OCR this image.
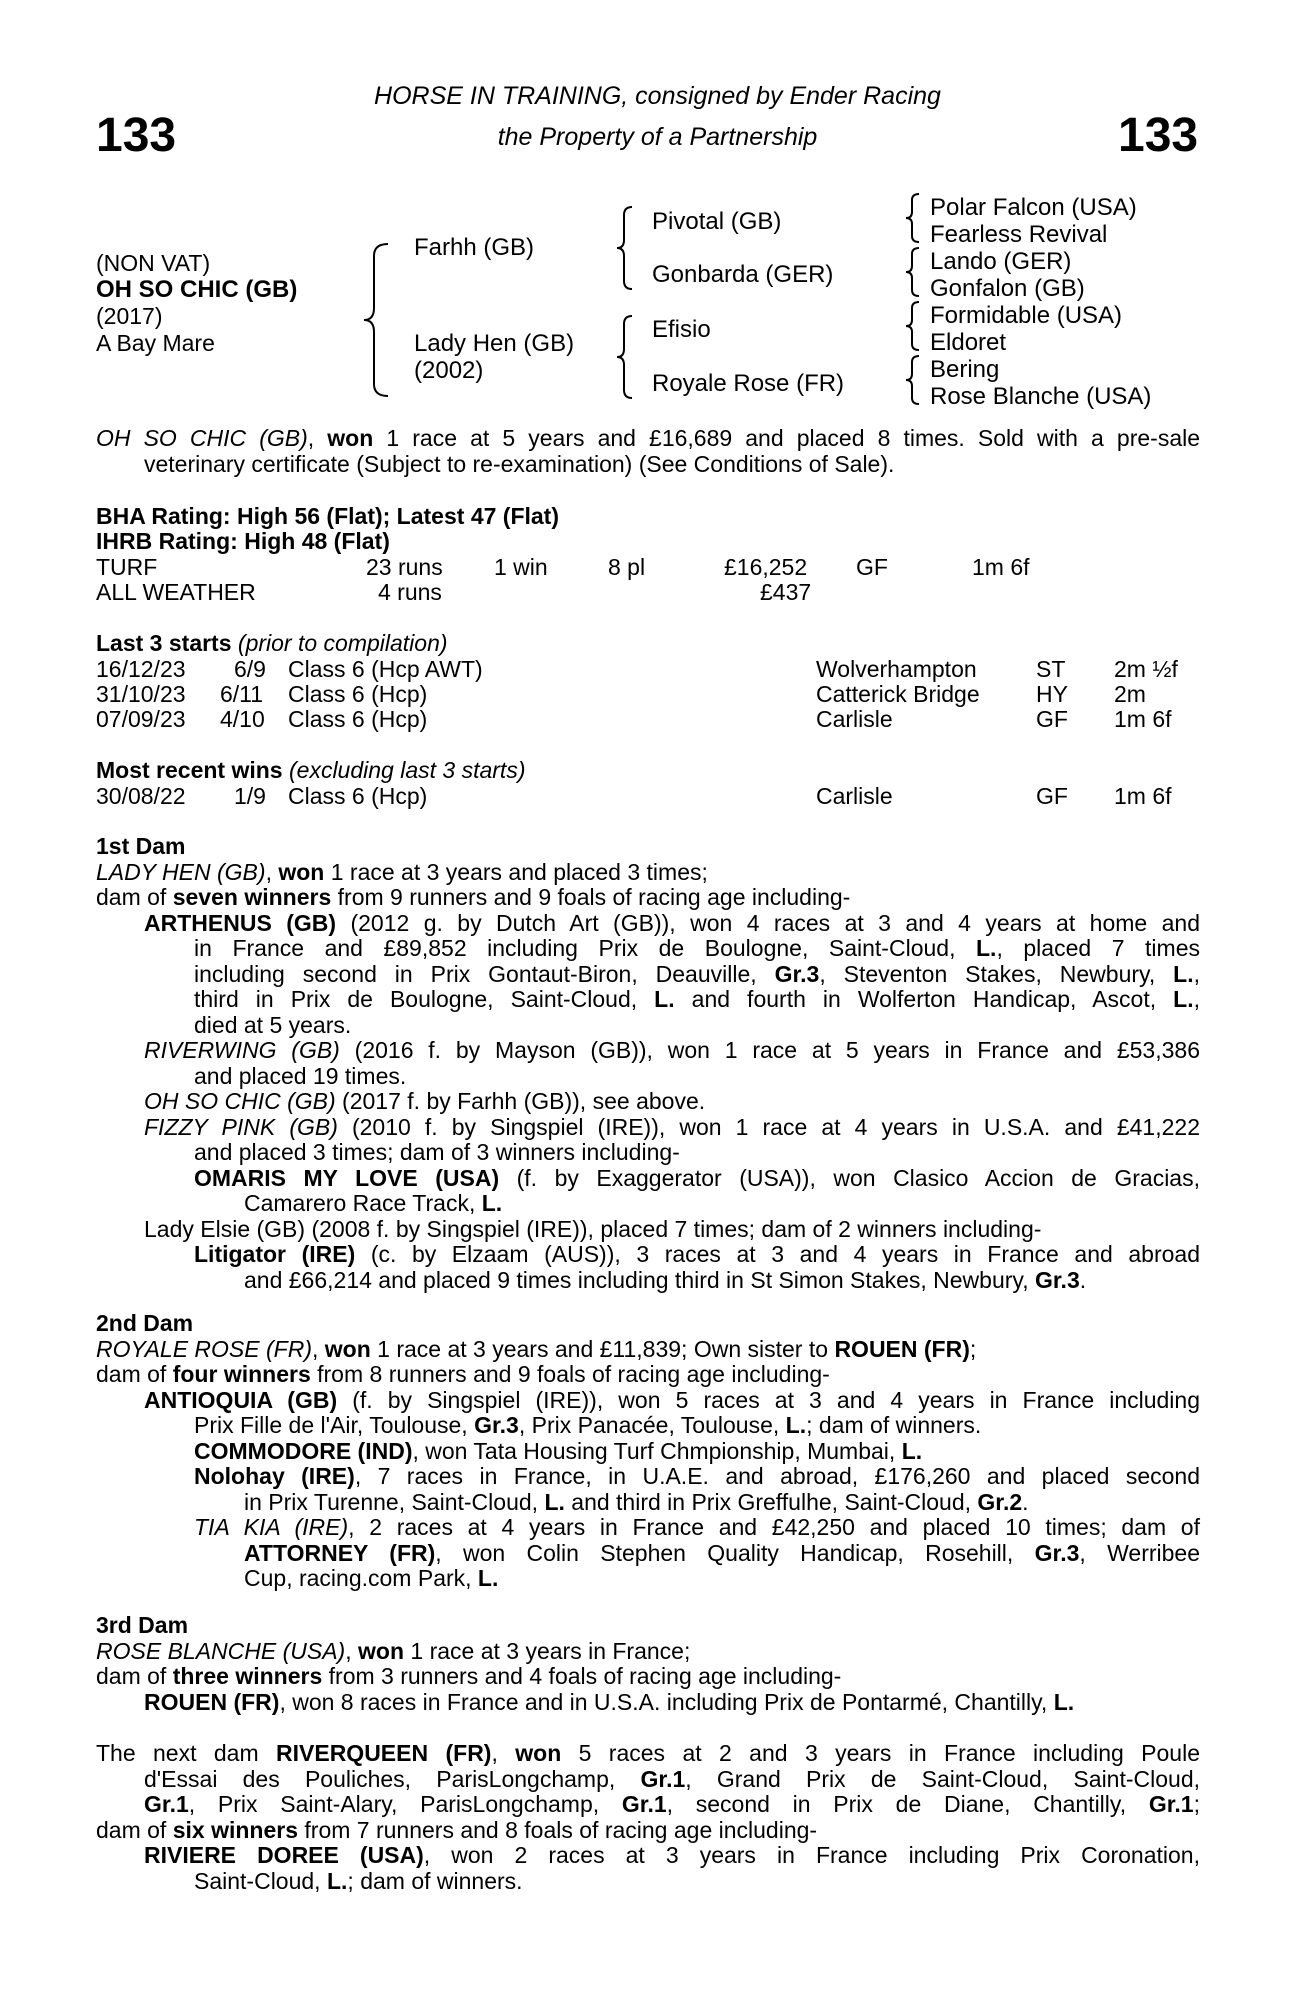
133	133
HORSE IN TRAINING, consigned by Ender Racing
the Property of a Partnership
(NON VAT)
OH SO CHIC (GB)
(2017)
A Bay Mare
Farhh (GB)
Lady Hen (GB)
(2002)
Pivotal (GB)
Gonbarda (GER)
Efisio
Royale Rose (FR)
Polar Falcon (USA)
Fearless Revival
Lando (GER)
Gonfalon (GB)
Formidable (USA)
Eldoret
Bering
Rose Blanche (USA)
OH SO CHIC (GB), won 1 race at 5 years and £16,689 and placed 8 times. Sold with a pre-sale
veterinary certificate (Subject to re-examination) (See Conditions of Sale).
BHA Rating: High 56 (Flat); Latest 47 (Flat)
IHRB Rating: High 48 (Flat)
TURF	23 runs 1 win	8 pl	£16,252 GF	1m 6f
ALL WEATHER	4 runs	£437
Last 3 starts (prior to compilation)
16/12/23 6/9 Class 6 (Hcp AWT)	Wolverhampton	ST 2m ½f
31/10/23 6/11 Class 6 (Hcp)	Catterick Bridge HY 2m
07/09/23 4/10 Class 6 (Hcp)	Carlisle	GF 1m 6f
Most recent wins (excluding last 3 starts)
30/08/22 1/9 Class 6 (Hcp)	Carlisle	GF 1m 6f
1st Dam
LADY HEN (GB), won 1 race at 3 years and placed 3 times;
dam of seven winners from 9 runners and 9 foals of racing age including-
ARTHENUS (GB) (2012 g. by Dutch Art (GB)), won 4 races at 3 and 4 years at home and
in France and £89,852 including Prix de Boulogne, Saint-Cloud, L., placed 7 times
including second in Prix Gontaut-Biron, Deauville, Gr.3, Steventon Stakes, Newbury, L.,
third in Prix de Boulogne, Saint-Cloud, L. and fourth in Wolferton Handicap, Ascot, L.,
died at 5 years.
RIVERWING (GB) (2016 f. by Mayson (GB)), won 1 race at 5 years in France and £53,386
and placed 19 times.
OH SO CHIC (GB) (2017 f. by Farhh (GB)), see above.
FIZZY PINK (GB) (2010 f. by Singspiel (IRE)), won 1 race at 4 years in U.S.A. and £41,222
and placed 3 times; dam of 3 winners including-
OMARIS MY LOVE (USA) (f. by Exaggerator (USA)), won Clasico Accion de Gracias,
Camarero Race Track, L.
Lady Elsie (GB) (2008 f. by Singspiel (IRE)), placed 7 times; dam of 2 winners including-
Litigator (IRE) (c. by Elzaam (AUS)), 3 races at 3 and 4 years in France and abroad
and £66,214 and placed 9 times including third in St Simon Stakes, Newbury, Gr.3.
2nd Dam
ROYALE ROSE (FR), won 1 race at 3 years and £11,839; Own sister to ROUEN (FR);
dam of four winners from 8 runners and 9 foals of racing age including-
ANTIOQUIA (GB) (f. by Singspiel (IRE)), won 5 races at 3 and 4 years in France including
Prix Fille de l'Air, Toulouse, Gr.3, Prix Panacée, Toulouse, L.; dam of winners.
COMMODORE (IND), won Tata Housing Turf Chmpionship, Mumbai, L.
Nolohay (IRE), 7 races in France, in U.A.E. and abroad, £176,260 and placed second
in Prix Turenne, Saint-Cloud, L. and third in Prix Greffulhe, Saint-Cloud, Gr.2.
TIA KIA (IRE), 2 races at 4 years in France and £42,250 and placed 10 times; dam of
ATTORNEY (FR), won Colin Stephen Quality Handicap, Rosehill, Gr.3, Werribee
Cup, racing.com Park, L.
3rd Dam
ROSE BLANCHE (USA), won 1 race at 3 years in France;
dam of three winners from 3 runners and 4 foals of racing age including-
ROUEN (FR), won 8 races in France and in U.S.A. including Prix de Pontarmé, Chantilly, L.
The next dam RIVERQUEEN (FR), won 5 races at 2 and 3 years in France including Poule
d'Essai des Pouliches, ParisLongchamp, Gr.1, Grand Prix de Saint-Cloud, Saint-Cloud,
Gr.1, Prix Saint-Alary, ParisLongchamp, Gr.1, second in Prix de Diane, Chantilly, Gr.1;
dam of six winners from 7 runners and 8 foals of racing age including-
RIVIERE DOREE (USA), won 2 races at 3 years in France including Prix Coronation,
Saint-Cloud, L.; dam of winners.
